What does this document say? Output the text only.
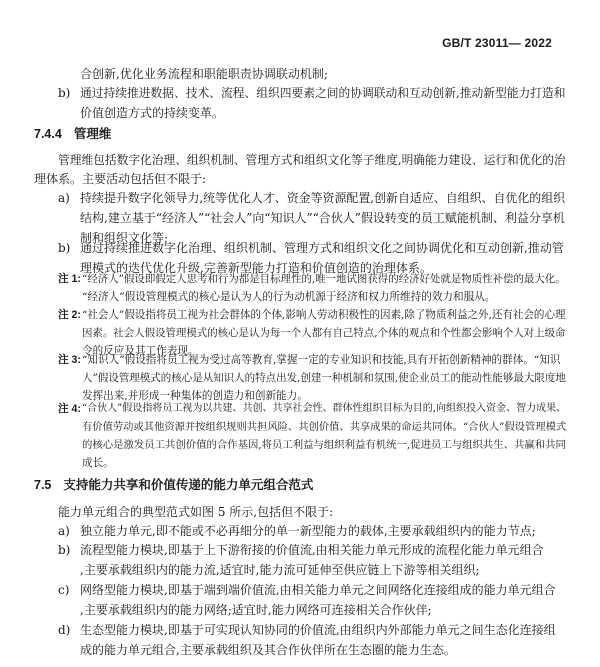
GB/T 23011— 2022
合创新,优化业务流程和职能职责协调联动机制;
b) 通过持续推进数据、技术、流程、组织四要素之间的协调联动和互动创新,推动新型能力打造和
价值创造方式的持续变革。
7.4.4 管理维
管理维包括数字化治理、组织机制、管理方式和组织文化等子维度,明确能力建设、运行和优化的治
理体系。主要活动包括但不限于:
a) 持续提升数字化领导力,统等优化人才、资金等资源配置,创新自适应、自组织、自优化的组织
结构,建立基于“经济人”“社会人”向“知识人”“合伙人”假设转变的员工赋能机制、利益分享机
制和组织文化等;
b) 通过持续推进数字化治理、组织机制、管理方式和组织文化之间协调优化和互动创新,推动管
理模式的迭代优化升级,完善新型能力打造和价值创造的治理体系。
注 1: “经济人”假设即假定人思考和行为都是目标理性的,唯一地试图获得的经济好处就是物质性补偿的最大化。
“经济人”假设管理模式的核心是认为人的行为动机源于经济和权力所维持的效力和服从。
注 2: “社会人”假设指将员工视为社会群体的个体,影响人劳动积极性的因素,除了物质利益之外,还有社会的心理
因素。社会人假设管理模式的核心是认为每一个人都有自己特点,个体的观点和个性都会影响个人对上级命
令的反应及其工作表现。
注 3: “知识人”假设指将员工视为受过高等教育,掌握一定的专业知识和技能,具有开拓创新精神的群体。“知识
人”假设管理模式的核心是从知识人的特点出发,创建一种机制和氛围,使企业员工的能动性能够最大限度地
发挥出来,并形成一种集体的创造力和创新能力。
注 4: “合伙人”假设指将员工视为以共建、共创、共享社会性、群体性组织目标为目的,向组织投入资金、智力成果、
有价值劳动或其他资源并按组织规则共担风险、共创价值、共享成果的命运共同体。“合伙人”假设管理模式
的核心是激发员工共创价值的合作基因,将员工利益与组织利益有机统一,促进员工与组织共生、共赢和共同
成长。
7.5 支持能力共享和价值传递的能力单元组合范式
能力单元组合的典型范式如图 5 所示,包括但不限于:
a) 独立能力单元,即不能或不必再细分的单一新型能力的载体,主要承载组织内的能力节点;
b) 流程型能力模块,即基于上下游衔接的价值流,由相关能力单元形成的流程化能力单元组合
,主要承载组织内的能力流,适宜时,能力流可延伸至供应链上下游等相关组织;
c) 网络型能力模块,即基于端到端价值流,由相关能力单元之间网络化连接组成的能力单元组合
,主要承载组织内的能力网络;适宜时,能力网络可连接相关合作伙伴;
d) 生态型能力模块,即基于可实现认知协同的价值流,由组织内外部能力单元之间生态化连接组
成的能力单元组合,主要承载组织及其合作伙伴所在生态圈的能力生态。
